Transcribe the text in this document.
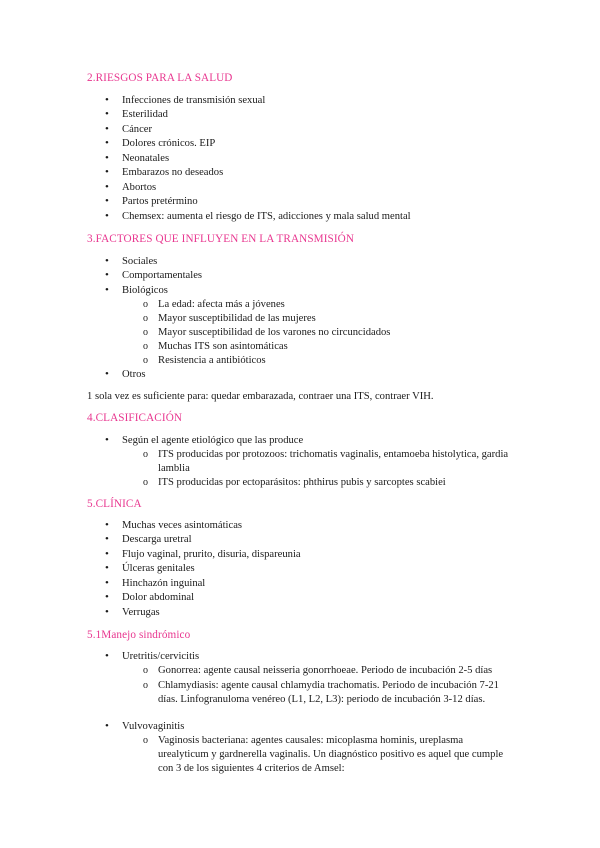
2.RIESGOS PARA LA SALUD
• Infecciones de transmisión sexual
• Esterilidad
• Cáncer
• Dolores crónicos. EIP
• Neonatales
• Embarazos no deseados
• Abortos
• Partos pretérmino
• Chemsex: aumenta el riesgo de ITS, adicciones y mala salud mental
3.FACTORES QUE INFLUYEN EN LA TRANSMISIÓN
• Sociales
• Comportamentales
• Biológicos
o La edad: afecta más a jóvenes
o Mayor susceptibilidad de las mujeres
o Mayor susceptibilidad de los varones no circuncidados
o Muchas ITS son asintomáticas
o Resistencia a antibióticos
• Otros
1 sola vez es suficiente para: quedar embarazada, contraer una ITS, contraer VIH.
4.CLASIFICACIÓN
• Según el agente etiológico que las produce
o ITS producidas por protozoos: trichomatis vaginalis, entamoeba histolytica, gardia lamblia
o ITS producidas por ectoparásitos: phthirus pubis y sarcoptes scabiei
5.CLÍNICA
• Muchas veces asintomáticas
• Descarga uretral
• Flujo vaginal, prurito, disuria, dispareunia
• Úlceras genitales
• Hinchazón inguinal
• Dolor abdominal
• Verrugas
5.1Manejo sindrómico
• Uretritis/cervicitis
o Gonorrea: agente causal neisseria gonorrhoeae. Periodo de incubación 2-5 días
o Chlamydiasis: agente causal chlamydia trachomatis. Periodo de incubación 7-21 días. Linfogranuloma venéreo (L1, L2, L3): periodo de incubación 3-12 días.
• Vulvovaginitis
o Vaginosis bacteriana: agentes causales: micoplasma hominis, ureplasma urealyticum y gardnerella vaginalis. Un diagnóstico positivo es aquel que cumple con 3 de los siguientes 4 criterios de Amsel:
